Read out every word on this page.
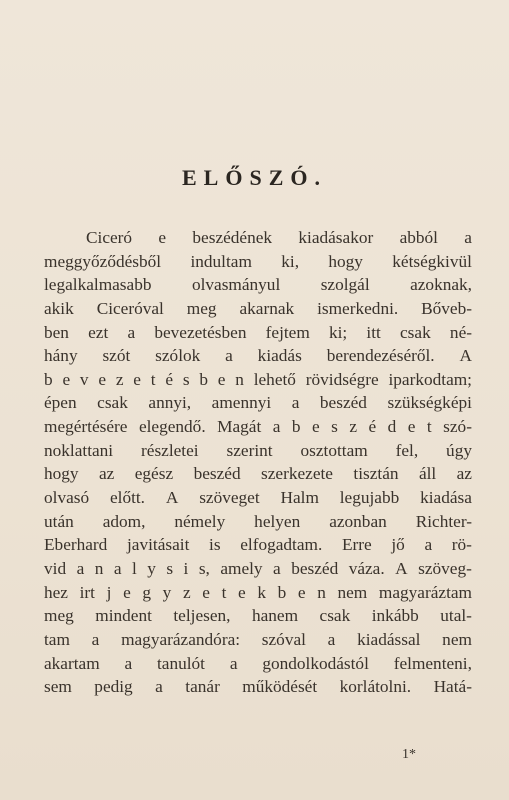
ELŐSZÓ.
Ciceró e beszédének kiadásakor abból a
meggyőződésből indultam ki, hogy kétségkivül
legalkalmasabb olvasmányul szolgál azoknak,
akik Ciceróval meg akarnak ismerkedni. Bőveb-
ben ezt a bevezetésben fejtem ki; itt csak né-
hány szót szólok a kiadás berendezéséről. A
b e v e z e t é s b e n lehető rövidségre iparkodtam;
épen csak annyi, amennyi a beszéd szükségképi
megértésére elegendő. Magát a b e s z é d e t szó-
noklattani részletei szerint osztottam fel, úgy
hogy az egész beszéd szerkezete tisztán áll az
olvasó előtt. A szöveget Halm legujabb kiadása
után adom, némely helyen azonban Richter-
Eberhard javitásait is elfogadtam. Erre jő a rö-
vid a n a l y s i s, amely a beszéd váza. A szöveg-
hez irt j e g y z e t e k b e n nem magyaráztam
meg mindent teljesen, hanem csak inkább utal-
tam a magyarázandóra: szóval a kiadással nem
akartam a tanulót a gondolkodástól felmenteni,
sem pedig a tanár működését korlátolni. Hatá-
1*
